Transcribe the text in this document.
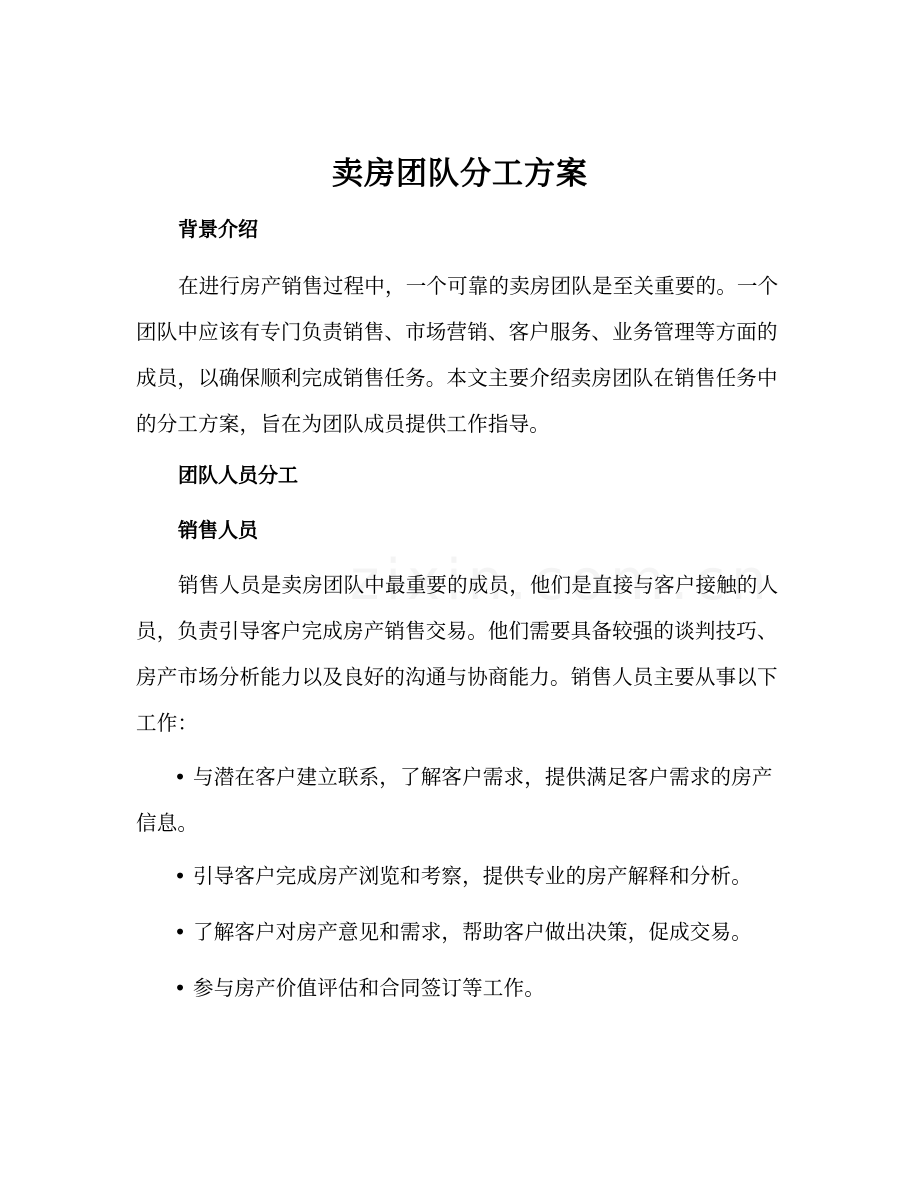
卖房团队分工方案
背景介绍
在进行房产销售过程中，一个可靠的卖房团队是至关重要的。一个团队中应该有专门负责销售、市场营销、客户服务、业务管理等方面的成员，以确保顺利完成销售任务。本文主要介绍卖房团队在销售任务中的分工方案，旨在为团队成员提供工作指导。
团队人员分工
销售人员
销售人员是卖房团队中最重要的成员，他们是直接与客户接触的人员，负责引导客户完成房产销售交易。他们需要具备较强的谈判技巧、房产市场分析能力以及良好的沟通与协商能力。销售人员主要从事以下工作：
• 与潜在客户建立联系，了解客户需求，提供满足客户需求的房产信息。
• 引导客户完成房产浏览和考察，提供专业的房产解释和分析。
• 了解客户对房产意见和需求，帮助客户做出决策，促成交易。
• 参与房产价值评估和合同签订等工作。
